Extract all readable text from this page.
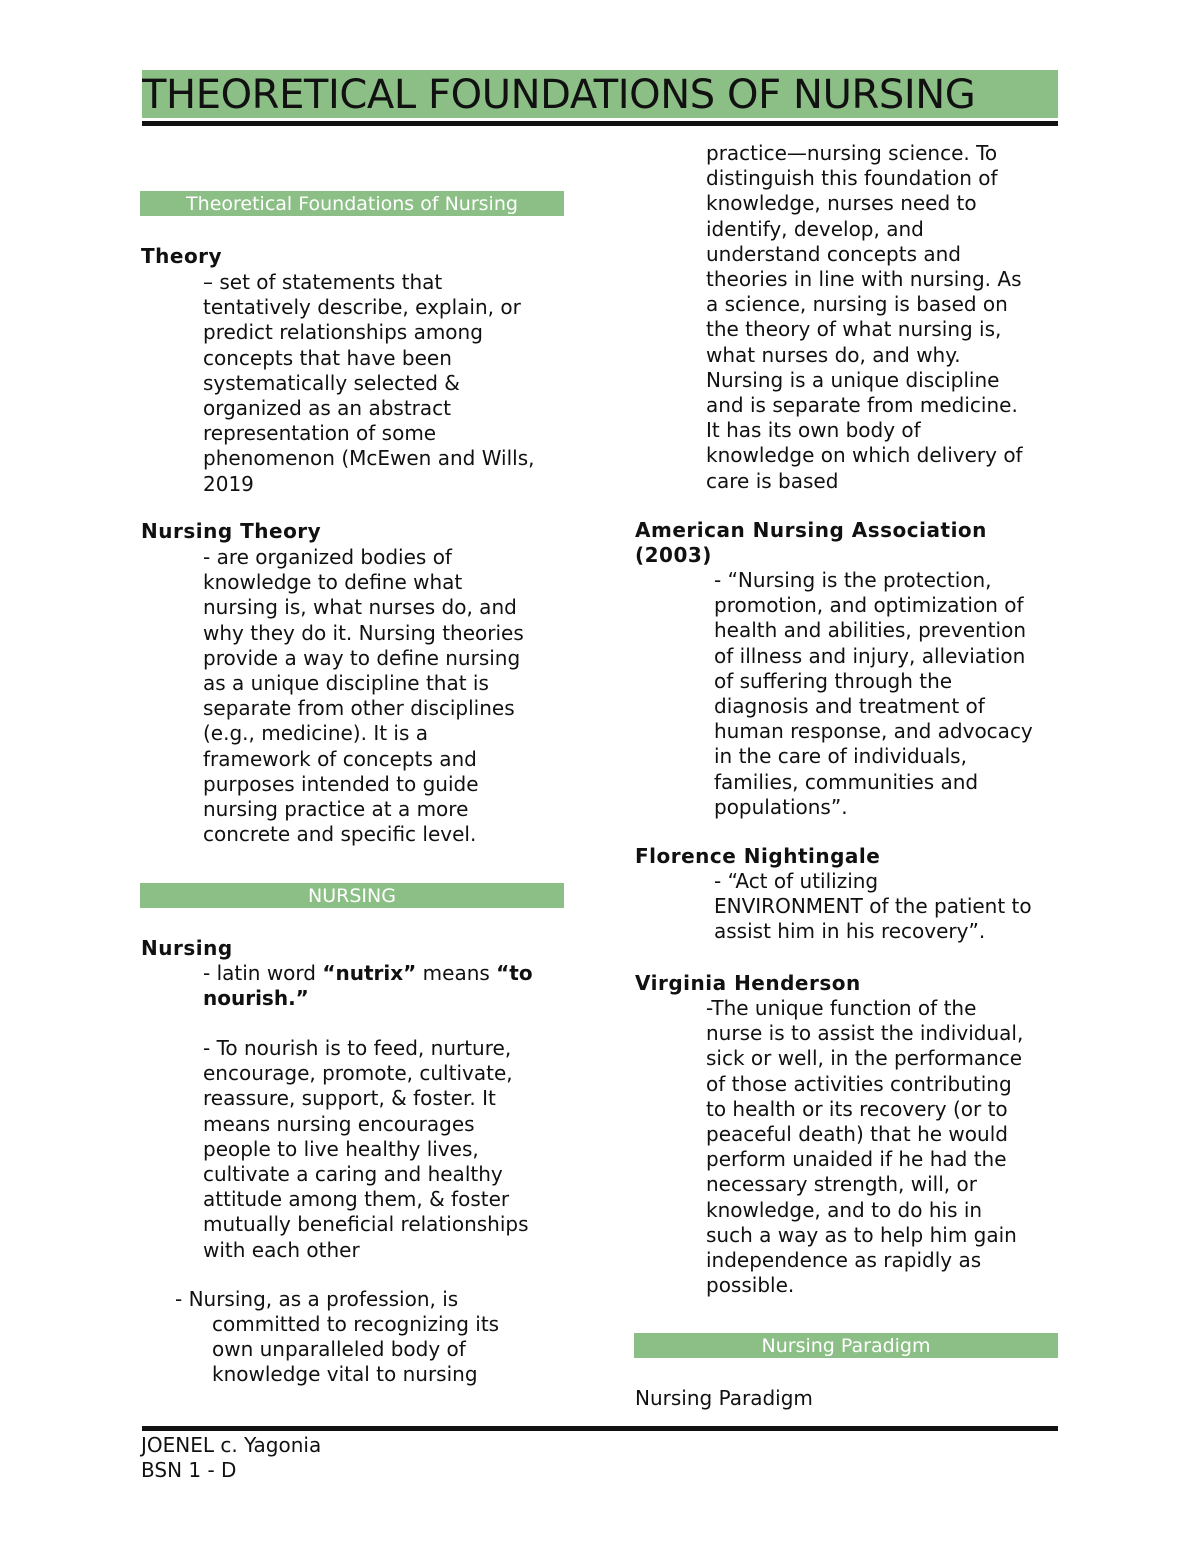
THEORETICAL FOUNDATIONS OF NURSING
Theoretical Foundations of Nursing
Theory
– set of statements that
tentatively describe, explain, or
predict relationships among
concepts that have been
systematically selected &
organized as an abstract
representation of some
phenomenon (McEwen and Wills,
2019
Nursing Theory
- are organized bodies of
knowledge to define what
nursing is, what nurses do, and
why they do it. Nursing theories
provide a way to define nursing
as a unique discipline that is
separate from other disciplines
(e.g., medicine). It is a
framework of concepts and
purposes intended to guide
nursing practice at a more
concrete and specific level.
NURSING
Nursing
- latin word “nutrix” means “to
nourish.”
- To nourish is to feed, nurture,
encourage, promote, cultivate,
reassure, support, & foster. It
means nursing encourages
people to live healthy lives,
cultivate a caring and healthy
attitude among them, & foster
mutually beneficial relationships
with each other
- Nursing, as a profession, is
committed to recognizing its
own unparalleled body of
knowledge vital to nursing
practice—nursing science. To
distinguish this foundation of
knowledge, nurses need to
identify, develop, and
understand concepts and
theories in line with nursing. As
a science, nursing is based on
the theory of what nursing is,
what nurses do, and why.
Nursing is a unique discipline
and is separate from medicine.
It has its own body of
knowledge on which delivery of
care is based
American Nursing Association
(2003)
- “Nursing is the protection,
promotion, and optimization of
health and abilities, prevention
of illness and injury, alleviation
of suffering through the
diagnosis and treatment of
human response, and advocacy
in the care of individuals,
families, communities and
populations”.
Florence Nightingale
- “Act of utilizing
ENVIRONMENT of the patient to
assist him in his recovery”.
Virginia Henderson
-The unique function of the
nurse is to assist the individual,
sick or well, in the performance
of those activities contributing
to health or its recovery (or to
peaceful death) that he would
perform unaided if he had the
necessary strength, will, or
knowledge, and to do his in
such a way as to help him gain
independence as rapidly as
possible.
Nursing Paradigm
Nursing Paradigm
JOENEL c. Yagonia
BSN 1 - D
